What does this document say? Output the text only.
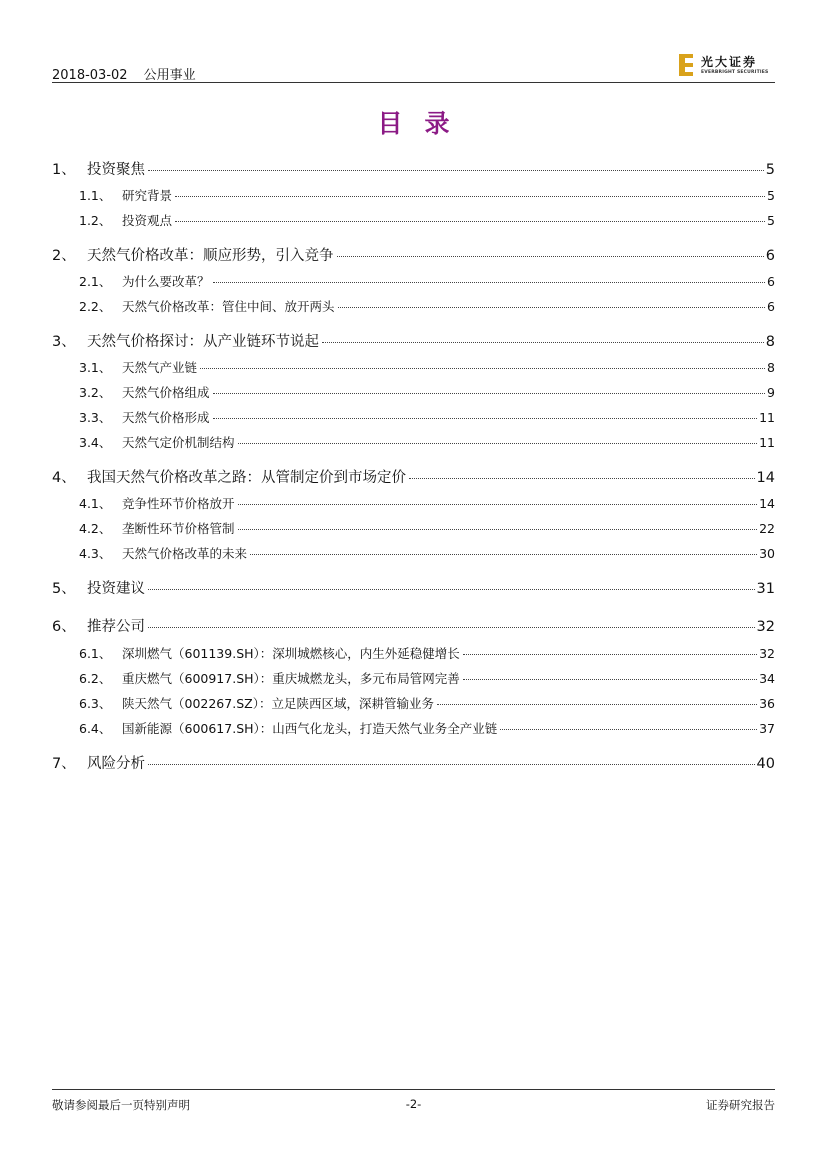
2018-03-02 公用事业
光大证券
EVERBRIGHT SECURITIES
目录
1、 投资聚焦	5
1.1、 研究背景	5
1.2、 投资观点	5
2、 天然气价格改革：顺应形势，引入竞争	6
2.1、 为什么要改革？	6
2.2、 天然气价格改革：管住中间、放开两头	6
3、 天然气价格探讨：从产业链环节说起	8
3.1、 天然气产业链	8
3.2、 天然气价格组成	9
3.3、 天然气价格形成	11
3.4、 天然气定价机制结构	11
4、 我国天然气价格改革之路：从管制定价到市场定价	14
4.1、 竞争性环节价格放开	14
4.2、 垄断性环节价格管制	22
4.3、 天然气价格改革的未来	30
5、 投资建议	31
6、 推荐公司	32
6.1、 深圳燃气（601139.SH）：深圳城燃核心，内生外延稳健增长	32
6.2、 重庆燃气（600917.SH）：重庆城燃龙头，多元布局管网完善	34
6.3、 陕天然气（002267.SZ）：立足陕西区域，深耕管输业务	36
6.4、 国新能源（600617.SH）：山西气化龙头，打造天然气业务全产业链	37
7、 风险分析	40
敬请参阅最后一页特别声明	-2-	证券研究报告
